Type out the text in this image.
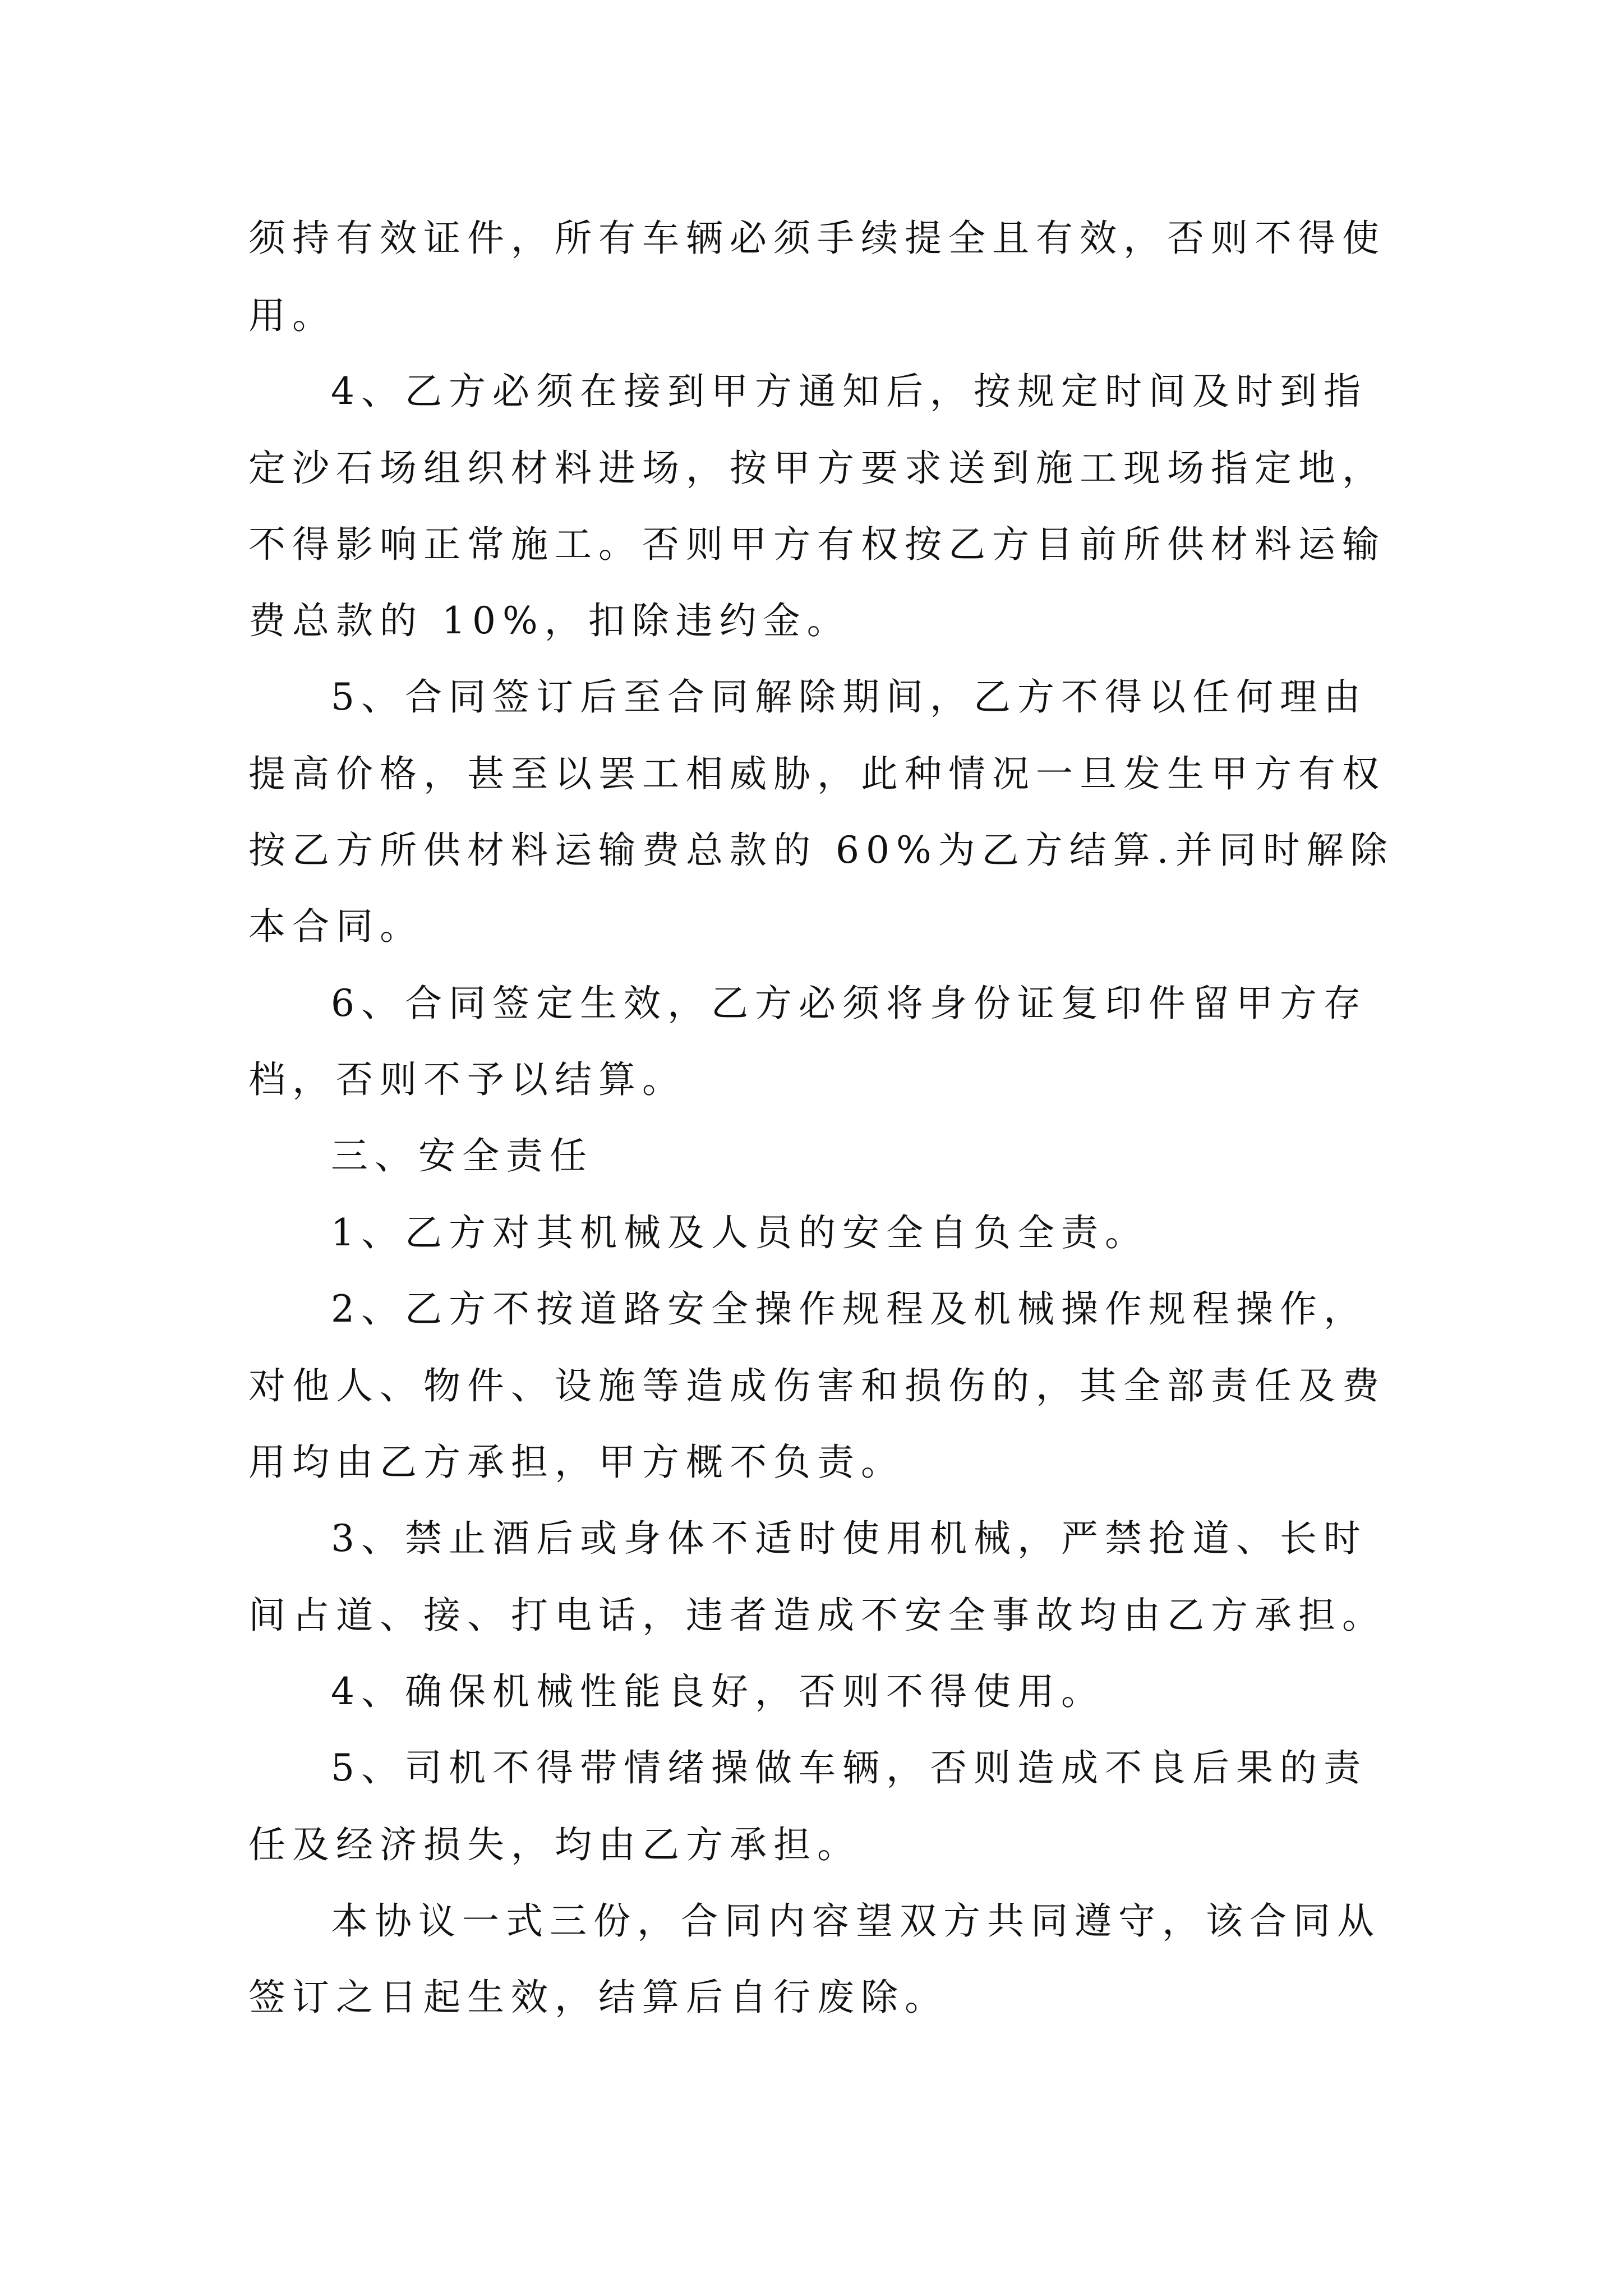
须持有效证件，所有车辆必须手续提全且有效，否则不得使

用。

4、乙方必须在接到甲方通知后，按规定时间及时到指

定沙石场组织材料进场，按甲方要求送到施工现场指定地，

不得影响正常施工。否则甲方有权按乙方目前所供材料运输

费总款的 10%，扣除违约金。

5、合同签订后至合同解除期间，乙方不得以任何理由

提高价格，甚至以罢工相威胁，此种情况一旦发生甲方有权

按乙方所供材料运输费总款的 60%为乙方结算.并同时解除

本合同。

6、合同签定生效，乙方必须将身份证复印件留甲方存

档，否则不予以结算。

三、安全责任

1、乙方对其机械及人员的安全自负全责。

2、乙方不按道路安全操作规程及机械操作规程操作，

对他人、物件、设施等造成伤害和损伤的，其全部责任及费

用均由乙方承担，甲方概不负责。

3、禁止酒后或身体不适时使用机械，严禁抢道、长时

间占道、接、打电话，违者造成不安全事故均由乙方承担。

4、确保机械性能良好，否则不得使用。

5、司机不得带情绪操做车辆，否则造成不良后果的责

任及经济损失，均由乙方承担。

本协议一式三份，合同内容望双方共同遵守，该合同从

签订之日起生效，结算后自行废除。
